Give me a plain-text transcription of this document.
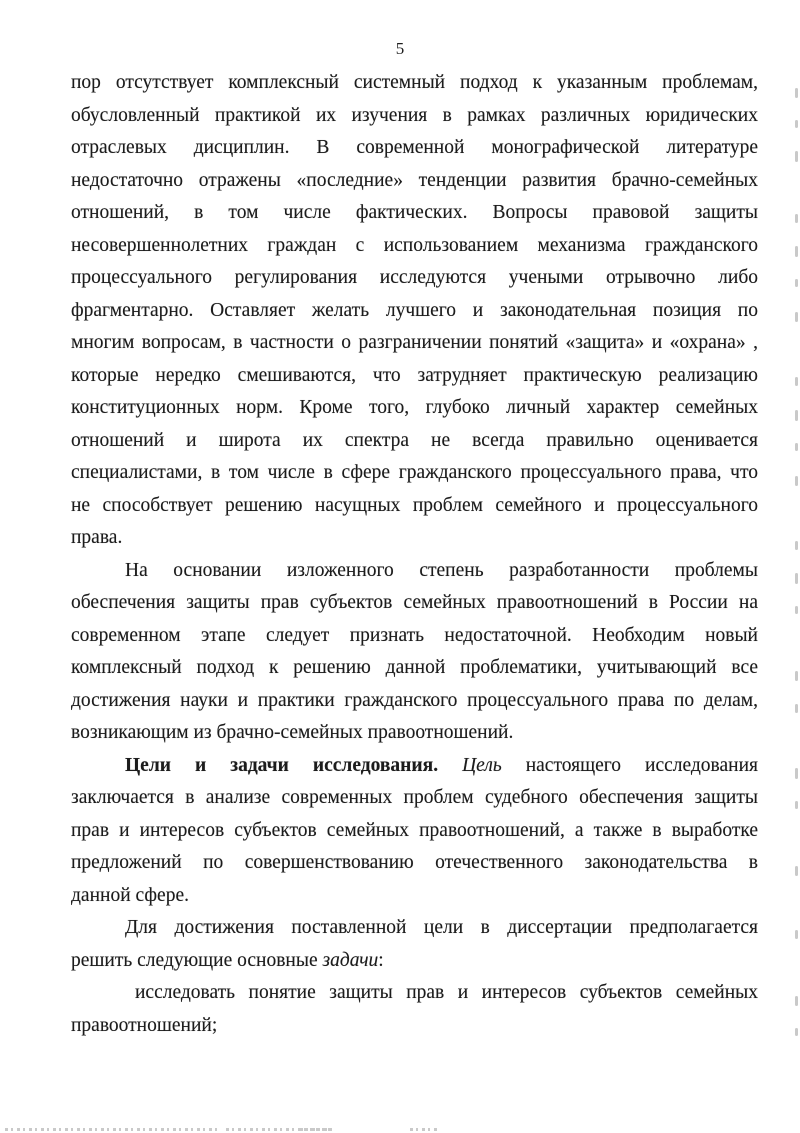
5
пор отсутствует комплексный системный подход к указанным проблемам,
обусловленный практикой их изучения в рамках различных юридических
отраслевых дисциплин. В современной монографической литературе
недостаточно отражены «последние» тенденции развития брачно-семейных
отношений, в том числе фактических. Вопросы правовой защиты
несовершеннолетних граждан с использованием механизма гражданского
процессуального регулирования исследуются учеными отрывочно либо
фрагментарно. Оставляет желать лучшего и законодательная позиция по
многим вопросам, в частности о разграничении понятий «защита» и «охрана» ,
которые нередко смешиваются, что затрудняет практическую реализацию
конституционных норм. Кроме того, глубоко личный характер семейных
отношений и широта их спектра не всегда правильно оценивается
специалистами, в том числе в сфере гражданского процессуального права, что
не способствует решению насущных проблем семейного и процессуального
права.
На основании изложенного степень разработанности проблемы
обеспечения защиты прав субъектов семейных правоотношений в России на
современном этапе следует признать недостаточной. Необходим новый
комплексный подход к решению данной проблематики, учитывающий все
достижения науки и практики гражданского процессуального права по делам,
возникающим из брачно-семейных правоотношений.
Цели и задачи исследования. Цель настоящего исследования
заключается в анализе современных проблем судебного обеспечения защиты
прав и интересов субъектов семейных правоотношений, а также в выработке
предложений по совершенствованию отечественного законодательства в
данной сфере.
Для достижения поставленной цели в диссертации предполагается
решить следующие основные задачи:
исследовать понятие защиты прав и интересов субъектов семейных
правоотношений;
